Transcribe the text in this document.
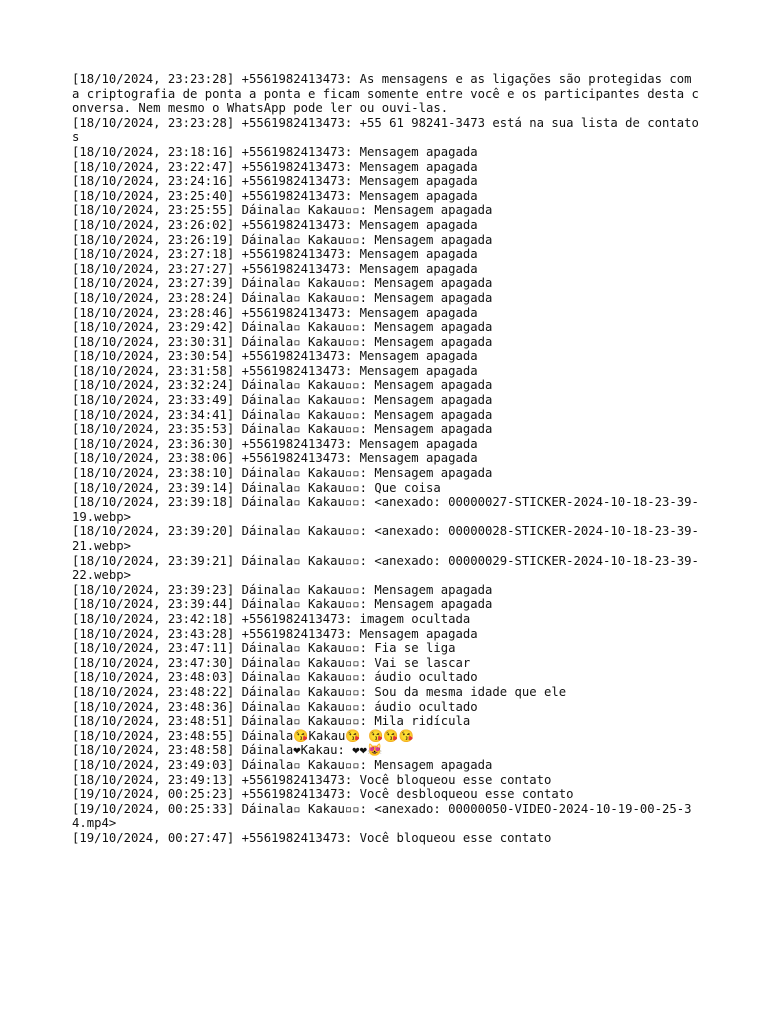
[18/10/2024, 23:23:28] +5561982413473: As mensagens e as ligações são protegidas com a criptografia de ponta a ponta e ficam somente entre você e os participantes desta conversa. Nem mesmo o WhatsApp pode ler ou ouvi-las.
[18/10/2024, 23:23:28] +5561982413473: +55 61 98241-3473 está na sua lista de contatos
[18/10/2024, 23:18:16] +5561982413473: Mensagem apagada
[18/10/2024, 23:22:47] +5561982413473: Mensagem apagada
[18/10/2024, 23:24:16] +5561982413473: Mensagem apagada
[18/10/2024, 23:25:40] +5561982413473: Mensagem apagada
[18/10/2024, 23:25:55] Dáinala▫ Kakau▫▫: Mensagem apagada
[18/10/2024, 23:26:02] +5561982413473: Mensagem apagada
[18/10/2024, 23:26:19] Dáinala▫ Kakau▫▫: Mensagem apagada
[18/10/2024, 23:27:18] +5561982413473: Mensagem apagada
[18/10/2024, 23:27:27] +5561982413473: Mensagem apagada
[18/10/2024, 23:27:39] Dáinala▫ Kakau▫▫: Mensagem apagada
[18/10/2024, 23:28:24] Dáinala▫ Kakau▫▫: Mensagem apagada
[18/10/2024, 23:28:46] +5561982413473: Mensagem apagada
[18/10/2024, 23:29:42] Dáinala▫ Kakau▫▫: Mensagem apagada
[18/10/2024, 23:30:31] Dáinala▫ Kakau▫▫: Mensagem apagada
[18/10/2024, 23:30:54] +5561982413473: Mensagem apagada
[18/10/2024, 23:31:58] +5561982413473: Mensagem apagada
[18/10/2024, 23:32:24] Dáinala▫ Kakau▫▫: Mensagem apagada
[18/10/2024, 23:33:49] Dáinala▫ Kakau▫▫: Mensagem apagada
[18/10/2024, 23:34:41] Dáinala▫ Kakau▫▫: Mensagem apagada
[18/10/2024, 23:35:53] Dáinala▫ Kakau▫▫: Mensagem apagada
[18/10/2024, 23:36:30] +5561982413473: Mensagem apagada
[18/10/2024, 23:38:06] +5561982413473: Mensagem apagada
[18/10/2024, 23:38:10] Dáinala▫ Kakau▫▫: Mensagem apagada
[18/10/2024, 23:39:14] Dáinala▫ Kakau▫▫: Que coisa
[18/10/2024, 23:39:18] Dáinala▫ Kakau▫▫: <anexado: 00000027-STICKER-2024-10-18-23-39-19.webp>
[18/10/2024, 23:39:20] Dáinala▫ Kakau▫▫: <anexado: 00000028-STICKER-2024-10-18-23-39-21.webp>
[18/10/2024, 23:39:21] Dáinala▫ Kakau▫▫: <anexado: 00000029-STICKER-2024-10-18-23-39-22.webp>
[18/10/2024, 23:39:23] Dáinala▫ Kakau▫▫: Mensagem apagada
[18/10/2024, 23:39:44] Dáinala▫ Kakau▫▫: Mensagem apagada
[18/10/2024, 23:42:18] +5561982413473: imagem ocultada
[18/10/2024, 23:43:28] +5561982413473: Mensagem apagada
[18/10/2024, 23:47:11] Dáinala▫ Kakau▫▫: Fia se liga
[18/10/2024, 23:47:30] Dáinala▫ Kakau▫▫: Vai se lascar
[18/10/2024, 23:48:03] Dáinala▫ Kakau▫▫: áudio ocultado
[18/10/2024, 23:48:22] Dáinala▫ Kakau▫▫: Sou da mesma idade que ele
[18/10/2024, 23:48:36] Dáinala▫ Kakau▫▫: áudio ocultado
[18/10/2024, 23:48:51] Dáinala▫ Kakau▫▫: Mila ridícula
[18/10/2024, 23:48:55] Dáinala😘Kakau😘 😘😘😘
[18/10/2024, 23:48:58] Dáinala❤Kakau: ❤❤😻
[18/10/2024, 23:49:03] Dáinala▫ Kakau▫▫: Mensagem apagada
[18/10/2024, 23:49:13] +5561982413473: Você bloqueou esse contato
[19/10/2024, 00:25:23] +5561982413473: Você desbloqueou esse contato
[19/10/2024, 00:25:33] Dáinala▫ Kakau▫▫: <anexado: 00000050-VIDEO-2024-10-19-00-25-34.mp4>
[19/10/2024, 00:27:47] +5561982413473: Você bloqueou esse contato
